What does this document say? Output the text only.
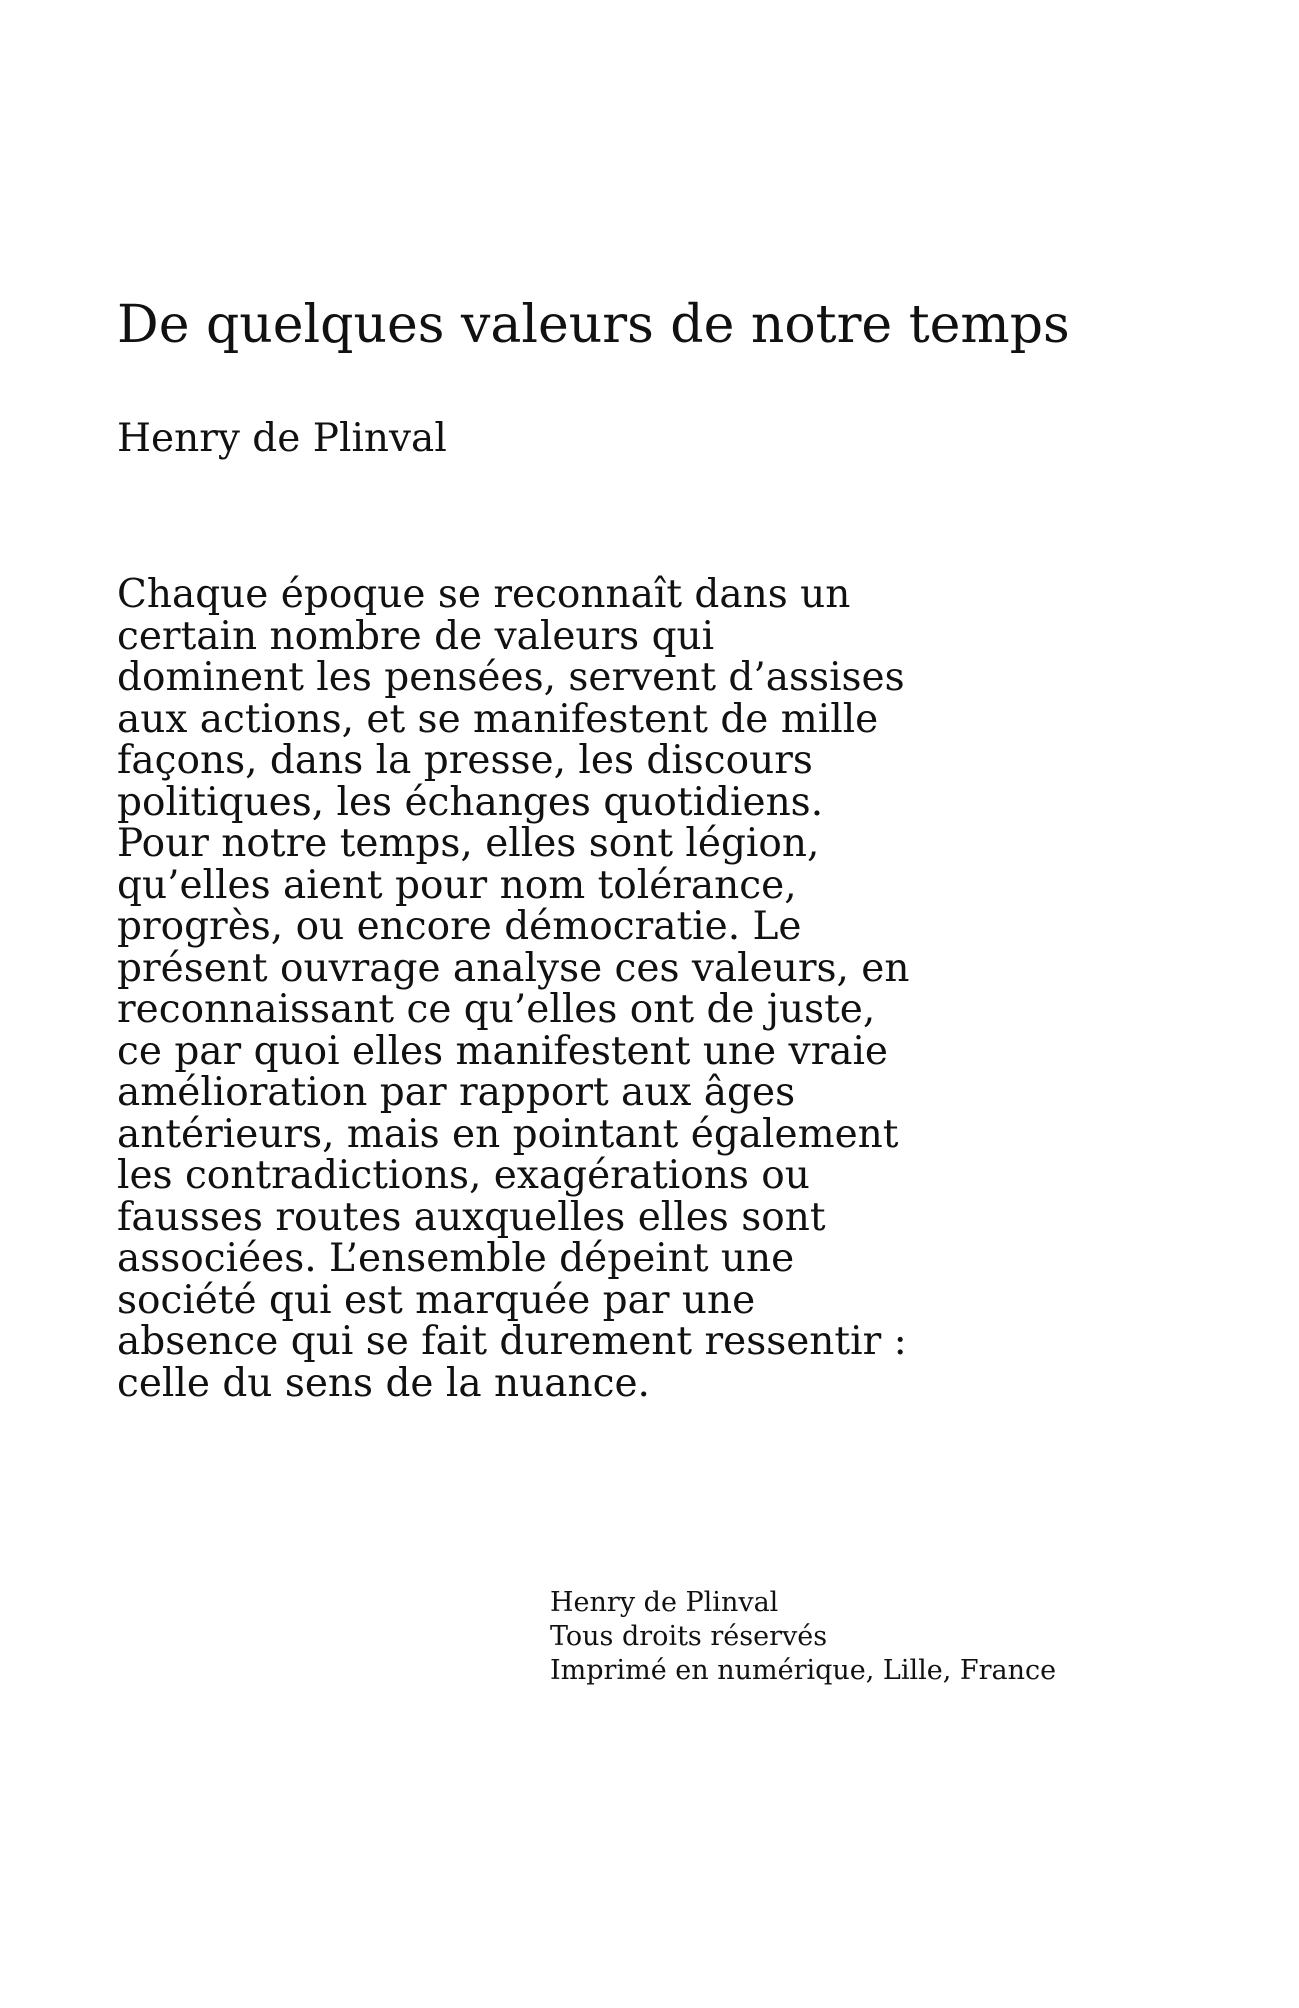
De quelques valeurs de notre temps

Henry de Plinval

Chaque époque se reconnaît dans un
certain nombre de valeurs qui
dominent les pensées, servent d’assises
aux actions, et se manifestent de mille
façons, dans la presse, les discours
politiques, les échanges quotidiens.
Pour notre temps, elles sont légion,
qu’elles aient pour nom tolérance,
progrès, ou encore démocratie. Le
présent ouvrage analyse ces valeurs, en
reconnaissant ce qu’elles ont de juste,
ce par quoi elles manifestent une vraie
amélioration par rapport aux âges
antérieurs, mais en pointant également
les contradictions, exagérations ou
fausses routes auxquelles elles sont
associées. L’ensemble dépeint une
société qui est marquée par une
absence qui se fait durement ressentir :
celle du sens de la nuance.
Henry de Plinval
Tous droits réservés
Imprimé en numérique, Lille, France
